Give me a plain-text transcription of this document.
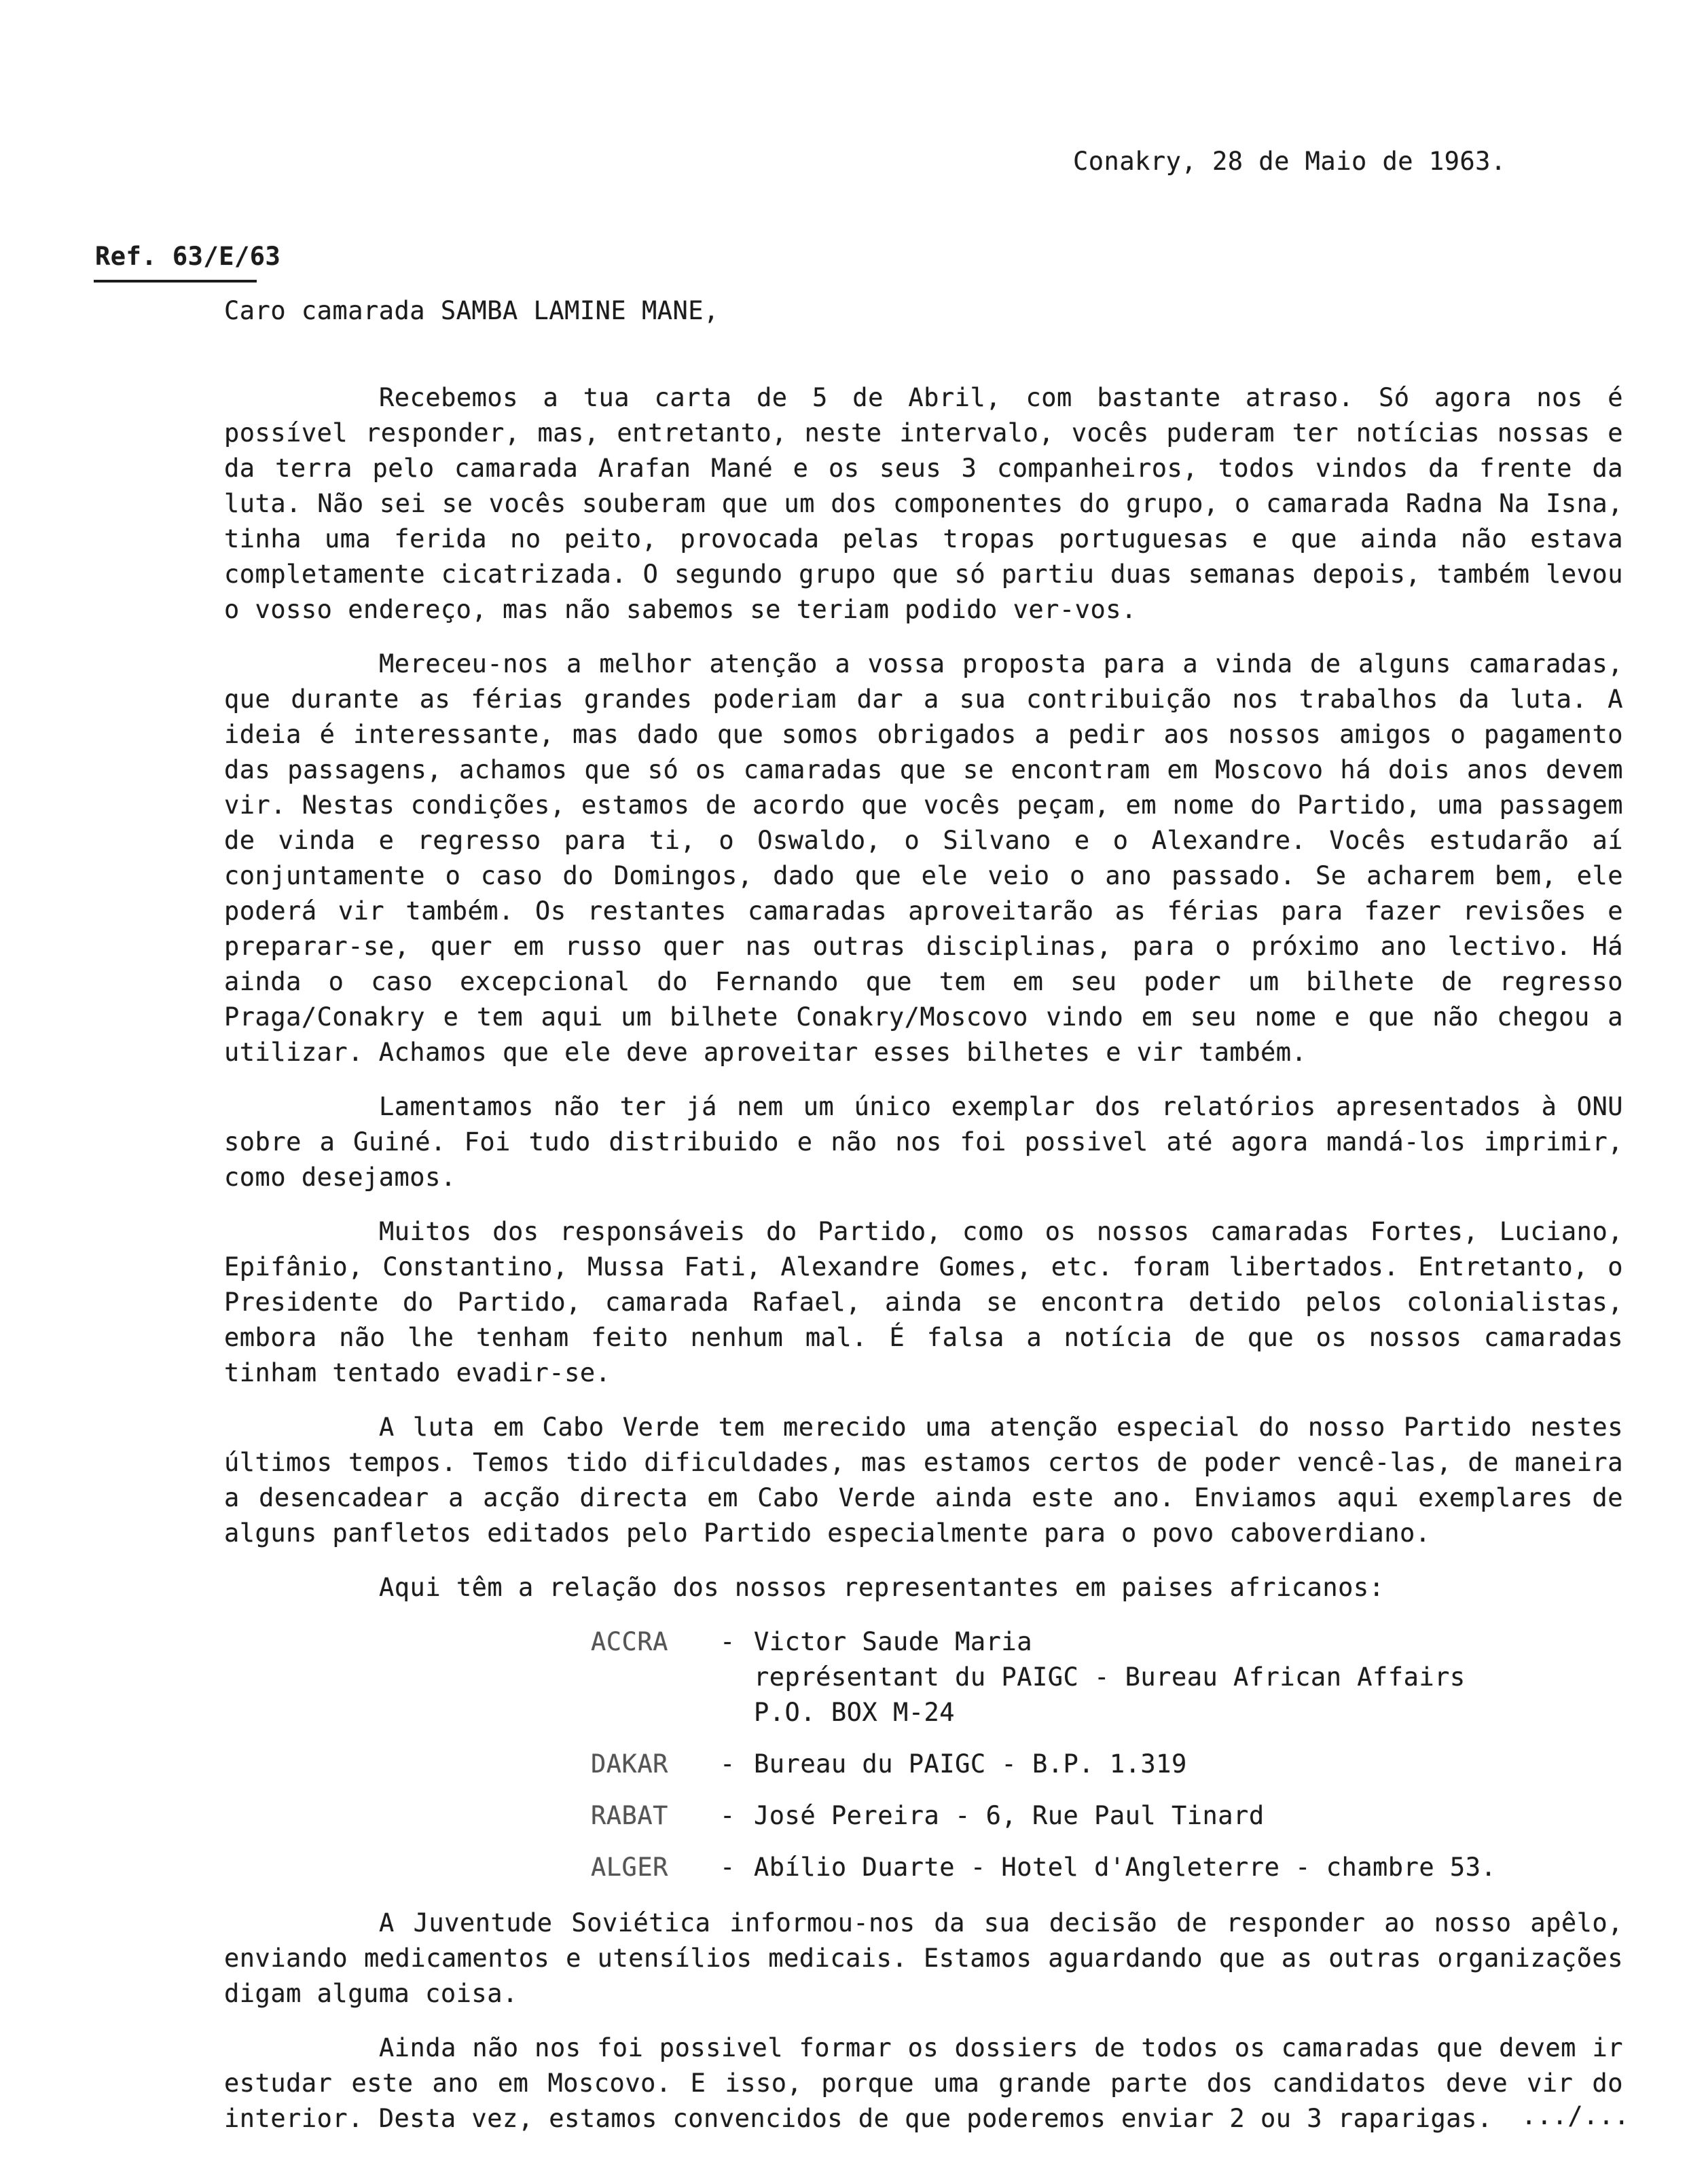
Conakry, 28 de Maio de 1963.
Ref. 63/E/63
Caro camarada SAMBA LAMINE MANE,

Recebemos a tua carta de 5 de Abril, com bastante atraso. Só agora nos é possível responder, mas, entretanto, neste intervalo, vocês puderam ter notícias nossas e da terra pelo camarada Arafan Mané e os seus 3 companheiros, todos vindos da frente da luta. Não sei se vocês souberam que um dos componentes do grupo, o camarada Radna Na Isna, tinha uma ferida no peito, provocada pelas tropas portuguesas e que ainda não estava completamente cicatrizada. O segundo grupo que só partiu duas semanas depois, também levou o vosso endereço, mas não sabemos se teriam podido ver-vos.

Mereceu-nos a melhor atenção a vossa proposta para a vinda de alguns camaradas, que durante as férias grandes poderiam dar a sua contribuição nos trabalhos da luta. A ideia é interessante, mas dado que somos obrigados a pedir aos nossos amigos o pagamento das passagens, achamos que só os camaradas que se encontram em Moscovo há dois anos devem vir. Nestas condições, estamos de acordo que vocês peçam, em nome do Partido, uma passagem de vinda e regresso para ti, o Oswaldo, o Silvano e o Alexandre. Vocês estudarão aí conjuntamente o caso do Domingos, dado que ele veio o ano passado. Se acharem bem, ele poderá vir também. Os restantes camaradas aproveitarão as férias para fazer revisões e preparar-se, quer em russo quer nas outras disciplinas, para o próximo ano lectivo. Há ainda o caso excepcional do Fernando que tem em seu poder um bilhete de regresso Praga/Conakry e tem aqui um bilhete Conakry/Moscovo vindo em seu nome e que não chegou a utilizar. Achamos que ele deve aproveitar esses bilhetes e vir também.

Lamentamos não ter já nem um único exemplar dos relatórios apresentados à ONU sobre a Guiné. Foi tudo distribuido e não nos foi possivel até agora mandá-los imprimir, como desejamos.

Muitos dos responsáveis do Partido, como os nossos camaradas Fortes, Luciano, Epifânio, Constantino, Mussa Fati, Alexandre Gomes, etc. foram libertados. Entretanto, o Presidente do Partido, camarada Rafael, ainda se encontra detido pelos colonialistas, embora não lhe tenham feito nenhum mal. É falsa a notícia de que os nossos camaradas tinham tentado evadir-se.

A luta em Cabo Verde tem merecido uma atenção especial do nosso Partido nestes últimos tempos. Temos tido dificuldades, mas estamos certos de poder vencê-las, de maneira a desencadear a acção directa em Cabo Verde ainda este ano. Enviamos aqui exemplares de alguns panfletos editados pelo Partido especialmente para o povo caboverdiano.

Aqui têm a relação dos nossos representantes em paises africanos:

ACCRA	- Victor Saude Maria
représentant du PAIGC - Bureau African Affairs
P.O. BOX M-24
DAKAR	- Bureau du PAIGC - B.P. 1.319
RABAT	- José Pereira - 6, Rue Paul Tinard
ALGER	- Abílio Duarte - Hotel d'Angleterre - chambre 53.

A Juventude Soviética informou-nos da sua decisão de responder ao nosso apêlo, enviando medicamentos e utensílios medicais. Estamos aguardando que as outras organizações digam alguma coisa.

Ainda não nos foi possivel formar os dossiers de todos os camaradas que devem ir estudar este ano em Moscovo. E isso, porque uma grande parte dos candidatos deve vir do interior. Desta vez, estamos convencidos de que poderemos enviar 2 ou 3 raparigas.	.../...
